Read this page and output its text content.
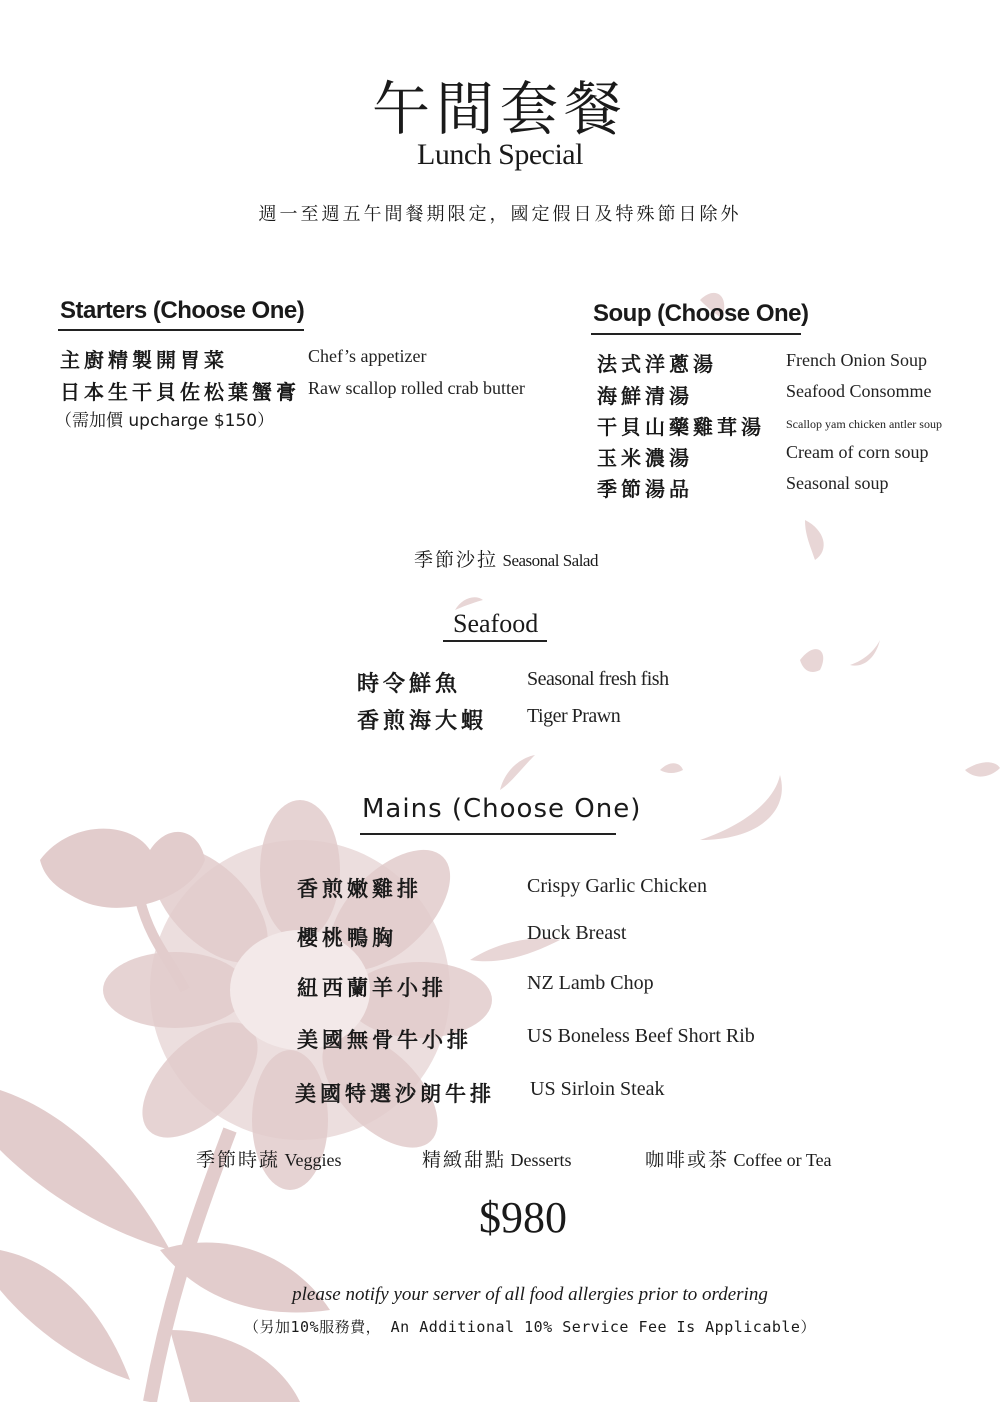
午間套餐
Lunch Special
週一至週五午間餐期限定，國定假日及特殊節日除外
Starters (Choose One)
主廚精製開胃菜	Chef’s appetizer
日本生干貝佐松葉蟹膏 Raw scallop rolled crab butter
（需加價 upcharge $150）
Soup (Choose One)
法式洋蔥湯	French Onion Soup
海鮮清湯	Seafood Consomme
干貝山藥雞茸湯 Scallop yam chicken antler soup
玉米濃湯	Cream of corn soup
季節湯品	Seasonal soup
季節沙拉 Seasonal Salad
Seafood
時令鮮魚	Seasonal fresh fish
香煎海大蝦 Tiger Prawn
Mains (Choose One)
香煎嫩雞排	Crispy Garlic Chicken
櫻桃鴨胸	Duck Breast
紐西蘭羊小排	NZ Lamb Chop
美國無骨牛小排	US Boneless Beef Short Rib
美國特選沙朗牛排 US Sirloin Steak
季節時蔬 Veggies	精緻甜點 Desserts	咖啡或茶 Coffee or Tea
$980
please notify your server of all food allergies prior to ordering
（另加10%服務費， An Additional 10% Service Fee Is Applicable）
